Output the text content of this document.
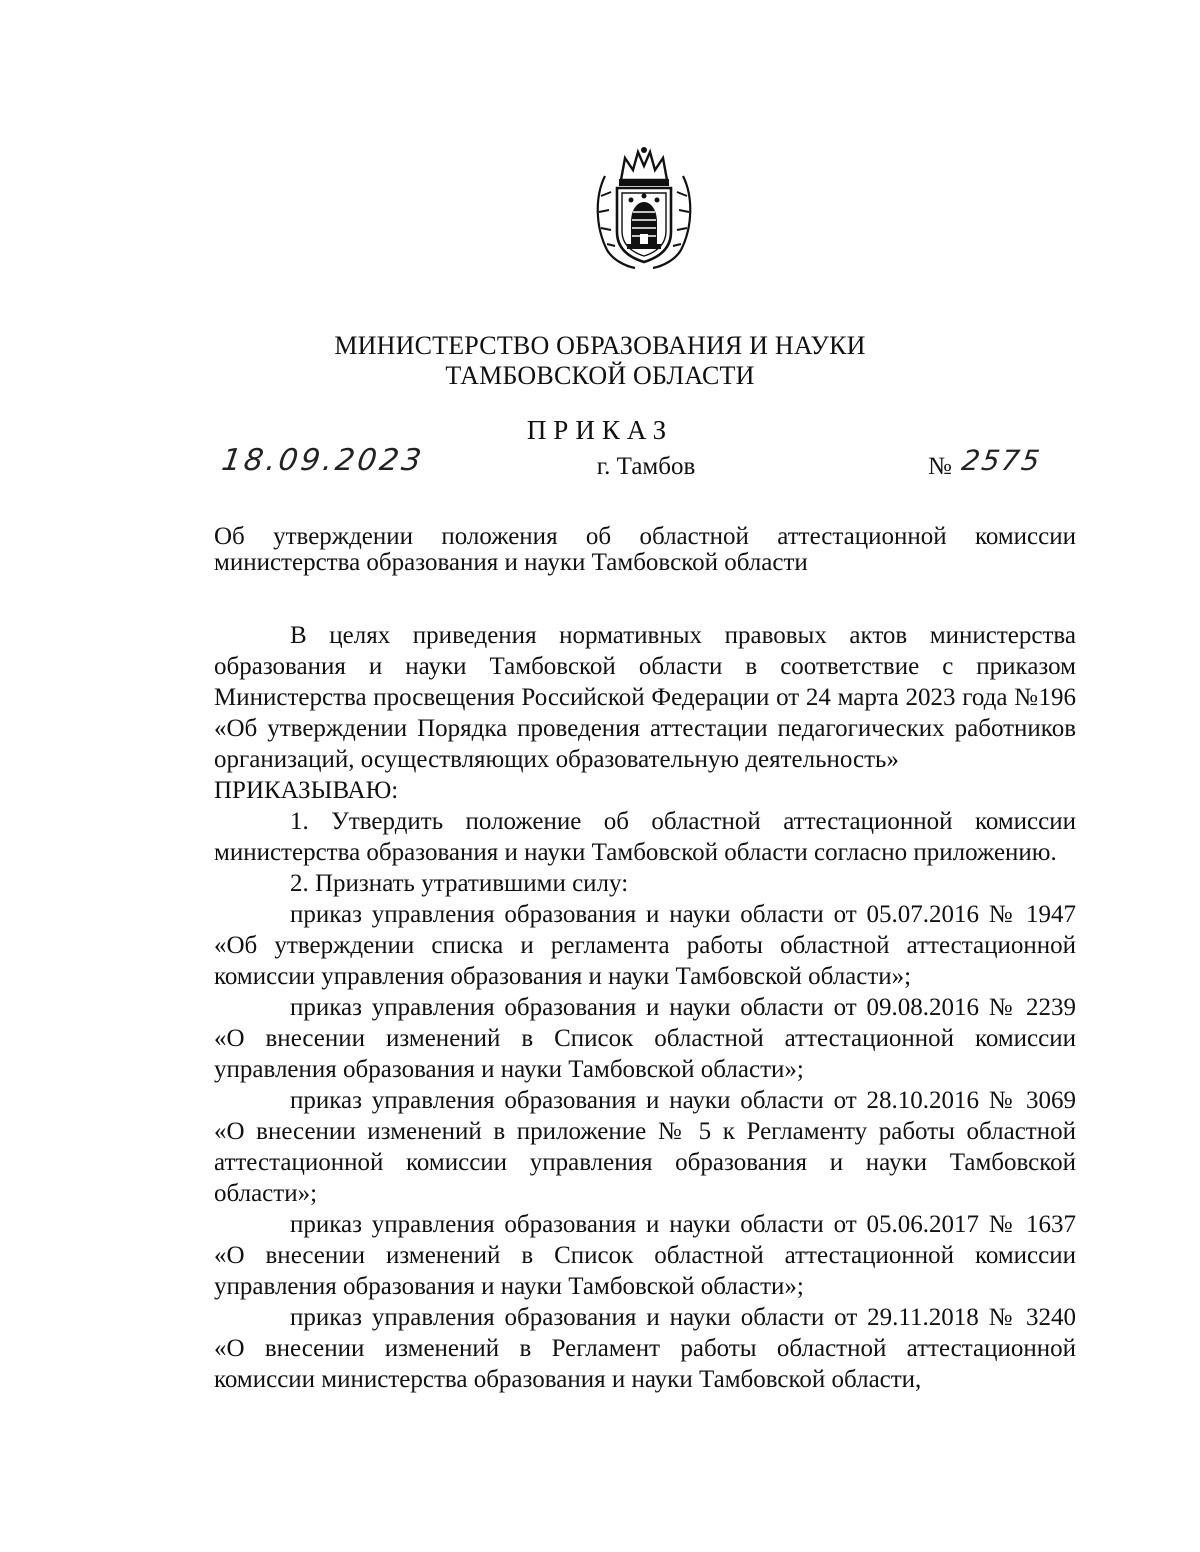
МИНИСТЕРСТВО ОБРАЗОВАНИЯ И НАУКИ
ТАМБОВСКОЙ ОБЛАСТИ
ПРИКАЗ
18.09.2023	г. Тамбов	№ 2575
Об утверждении положения об областной аттестационной комиссии министерства образования и науки Тамбовской области

В целях приведения нормативных правовых актов министерства образования и науки Тамбовской области в соответствие с приказом Министерства просвещения Российской Федерации от 24 марта 2023 года №196 «Об утверждении Порядка проведения аттестации педагогических работников организаций, осуществляющих образовательную деятельность»

ПРИКАЗЫВАЮ:

1. Утвердить положение об областной аттестационной комиссии министерства образования и науки Тамбовской области согласно приложению.

2. Признать утратившими силу:

приказ управления образования и науки области от 05.07.2016 № 1947 «Об утверждении списка и регламента работы областной аттестационной комиссии управления образования и науки Тамбовской области»;

приказ управления образования и науки области от 09.08.2016 № 2239 «О внесении изменений в Список областной аттестационной комиссии управления образования и науки Тамбовской области»;

приказ управления образования и науки области от 28.10.2016 № 3069 «О внесении изменений в приложение № 5 к Регламенту работы областной аттестационной комиссии управления образования и науки Тамбовской области»;

приказ управления образования и науки области от 05.06.2017 № 1637 «О внесении изменений в Список областной аттестационной комиссии управления образования и науки Тамбовской области»;

приказ управления образования и науки области от 29.11.2018 № 3240 «О внесении изменений в Регламент работы областной аттестационной комиссии министерства образования и науки Тамбовской области,
